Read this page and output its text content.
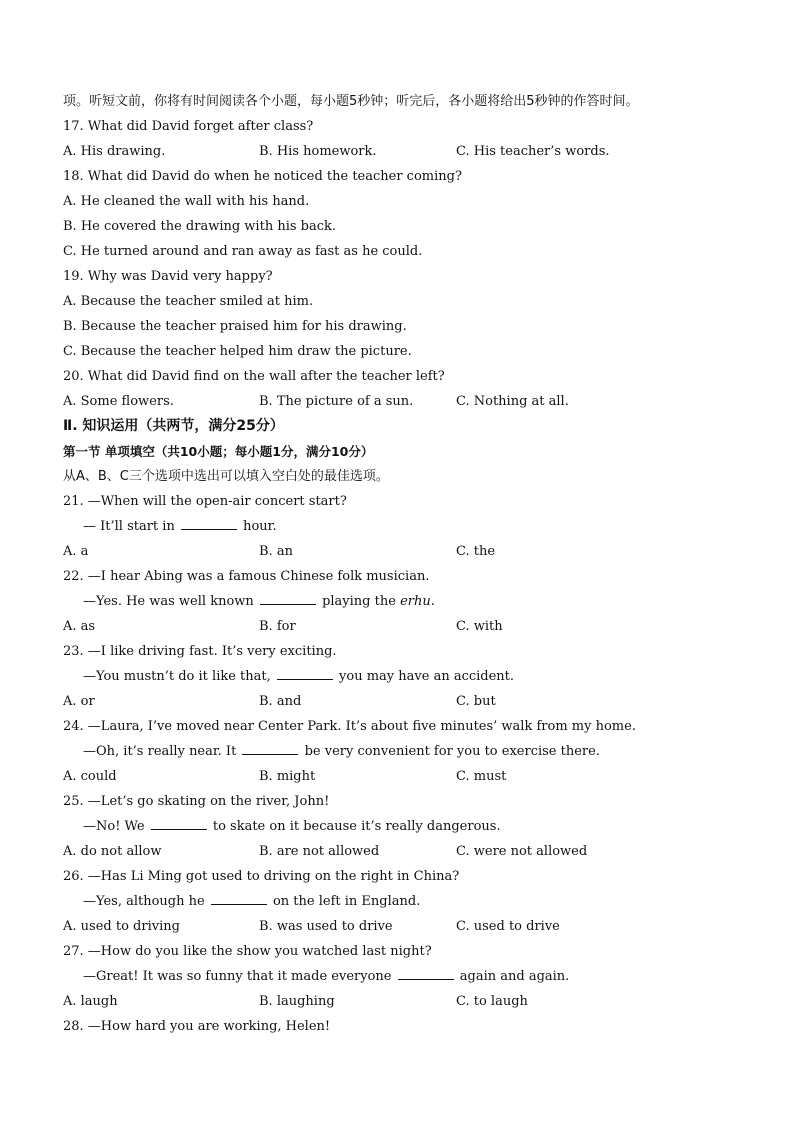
项。听短文前，你将有时间阅读各个小题，每小题5秒钟；听完后，各小题将给出5秒钟的作答时间。
17. What did David forget after class?
A. His drawing.	B. His homework.	C. His teacher’s words.
18. What did David do when he noticed the teacher coming?
A. He cleaned the wall with his hand.
B. He covered the drawing with his back.
C. He turned around and ran away as fast as he could.
19. Why was David very happy?
A. Because the teacher smiled at him.
B. Because the teacher praised him for his drawing.
C. Because the teacher helped him draw the picture.
20. What did David find on the wall after the teacher left?
A. Some flowers.	B. The picture of a sun.	C. Nothing at all.
Ⅱ. 知识运用（共两节，满分25分）
第一节 单项填空（共10小题；每小题1分，满分10分）
从A、B、C三个选项中选出可以填入空白处的最佳选项。
21. —When will the open-air concert start?
— It’ll start in	hour.
A. a	B. an	C. the
22. —I hear Abing was a famous Chinese folk musician.
—Yes. He was well known	playing the erhu.
A. as	B. for	C. with
23. —I like driving fast. It’s very exciting.
—You mustn’t do it like that,	you may have an accident.
A. or	B. and	C. but
24. —Laura, I’ve moved near Center Park. It’s about five minutes’ walk from my home.
—Oh, it’s really near. It	be very convenient for you to exercise there.
A. could	B. might	C. must
25. —Let’s go skating on the river, John!
—No! We	to skate on it because it’s really dangerous.
A. do not allow	B. are not allowed	C. were not allowed
26. —Has Li Ming got used to driving on the right in China?
—Yes, although he	on the left in England.
A. used to driving	B. was used to drive	C. used to drive
27. —How do you like the show you watched last night?
—Great! It was so funny that it made everyone	again and again.
A. laugh	B. laughing	C. to laugh
28. —How hard you are working, Helen!
